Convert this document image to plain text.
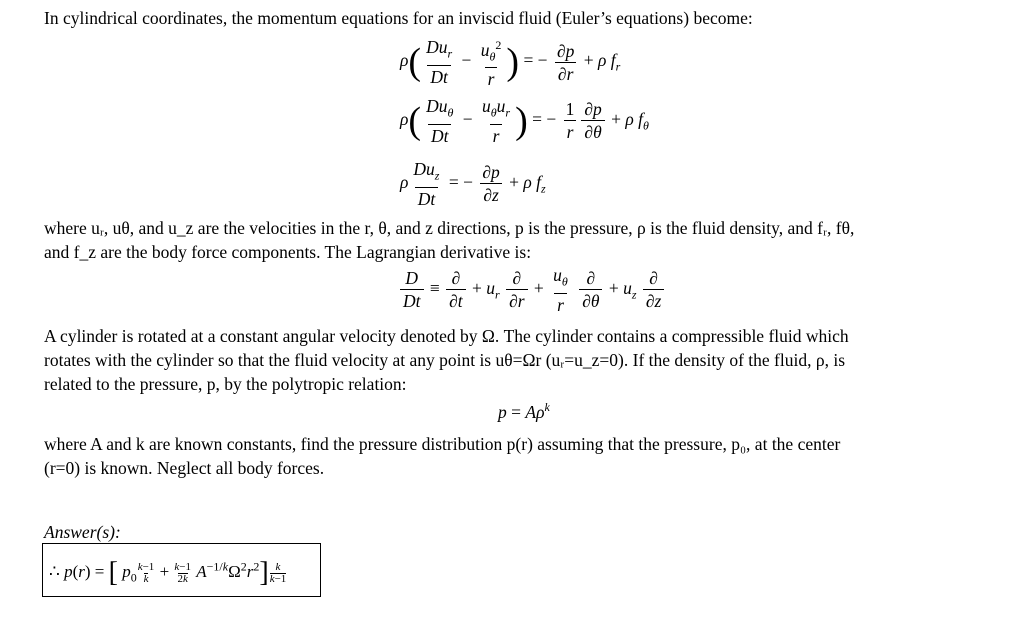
In cylindrical coordinates, the momentum equations for an inviscid fluid (Euler’s equations) become:
$\rho( \frac{Du_r}{Dt} - \frac{u_\theta^2}{r}$ ) = − $\frac{\partial p}{\partial r} + \rho$ $f_r$
$\rho( \frac{Du_\theta}{Dt} - \frac{u_\theta u_r}{r}$ ) = − $\frac{1}{r} \frac{\partial p}{\partial\theta} + \rho$ $f_\theta$
ρ $\frac{Du_z}{Dt}$ = − $\frac{\partial p}{\partial z} + \rho$ $f_z$
where uᵣ, uθ, and u_z are the velocities in the r, θ, and z directions, p is the pressure, ρ is the fluid density, and fᵣ, fθ,
and f_z are the body force components. The Lagrangian derivative is:
$\frac{D}{Dt} \equiv \frac{\partial}{\partial t} + u_r \frac{\partial}{\partial r} + \frac{u_\theta}{r}$
$\frac{\partial}{\partial\theta} + u_z \frac{\partial}{\partial z}$
A cylinder is rotated at a constant angular velocity denoted by Ω. The cylinder contains a compressible fluid which
rotates with the cylinder so that the fluid velocity at any point is uθ=Ωr (uᵣ=u_z=0). If the density of the fluid, ρ, is
related to the pressure, p, by the polytropic relation:
$p = A\rho^k$
where A and k are known constants, find the pressure distribution p(r) assuming that the pressure, p₀, at the center
(r=0) is known. Neglect all body forces.
Answer(s):
∴ p(r) = [ $p_0 \frac{k-1}{k} + \frac{k-1}{2k} A^{-1/k}\Omega^2r^2] \frac{k}{k-1}$
